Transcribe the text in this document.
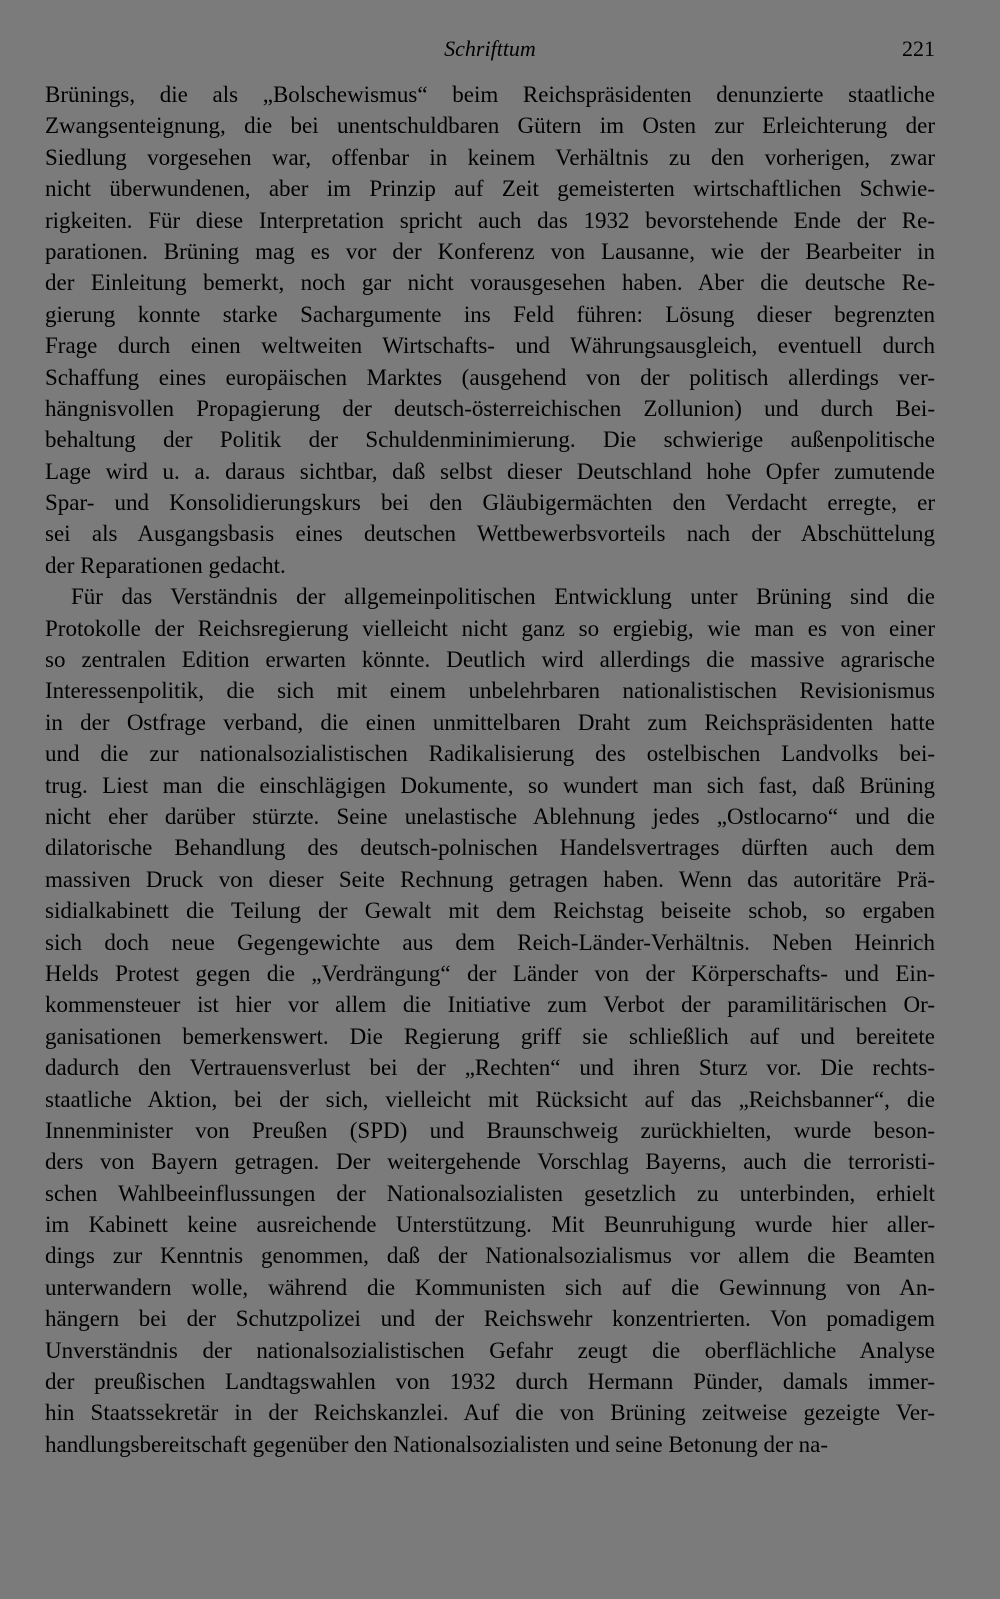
Schrifttum	221
Brünings, die als „Bolschewismus“ beim Reichspräsidenten denunzierte staatliche
Zwangsenteignung, die bei unentschuldbaren Gütern im Osten zur Erleichterung der
Siedlung vorgesehen war, offenbar in keinem Verhältnis zu den vorherigen, zwar
nicht überwundenen, aber im Prinzip auf Zeit gemeisterten wirtschaftlichen Schwie-
rigkeiten. Für diese Interpretation spricht auch das 1932 bevorstehende Ende der Re-
parationen. Brüning mag es vor der Konferenz von Lausanne, wie der Bearbeiter in
der Einleitung bemerkt, noch gar nicht vorausgesehen haben. Aber die deutsche Re-
gierung konnte starke Sachargumente ins Feld führen: Lösung dieser begrenzten
Frage durch einen weltweiten Wirtschafts- und Währungsausgleich, eventuell durch
Schaffung eines europäischen Marktes (ausgehend von der politisch allerdings ver-
hängnisvollen Propagierung der deutsch-österreichischen Zollunion) und durch Bei-
behaltung der Politik der Schuldenminimierung. Die schwierige außenpolitische
Lage wird u. a. daraus sichtbar, daß selbst dieser Deutschland hohe Opfer zumutende
Spar- und Konsolidierungskurs bei den Gläubigermächten den Verdacht erregte, er
sei als Ausgangsbasis eines deutschen Wettbewerbsvorteils nach der Abschüttelung
der Reparationen gedacht.
Für das Verständnis der allgemeinpolitischen Entwicklung unter Brüning sind die
Protokolle der Reichsregierung vielleicht nicht ganz so ergiebig, wie man es von einer
so zentralen Edition erwarten könnte. Deutlich wird allerdings die massive agrarische
Interessenpolitik, die sich mit einem unbelehrbaren nationalistischen Revisionismus
in der Ostfrage verband, die einen unmittelbaren Draht zum Reichspräsidenten hatte
und die zur nationalsozialistischen Radikalisierung des ostelbischen Landvolks bei-
trug. Liest man die einschlägigen Dokumente, so wundert man sich fast, daß Brüning
nicht eher darüber stürzte. Seine unelastische Ablehnung jedes „Ostlocarno“ und die
dilatorische Behandlung des deutsch-polnischen Handelsvertrages dürften auch dem
massiven Druck von dieser Seite Rechnung getragen haben. Wenn das autoritäre Prä-
sidialkabinett die Teilung der Gewalt mit dem Reichstag beiseite schob, so ergaben
sich doch neue Gegengewichte aus dem Reich-Länder-Verhältnis. Neben Heinrich
Helds Protest gegen die „Verdrängung“ der Länder von der Körperschafts- und Ein-
kommensteuer ist hier vor allem die Initiative zum Verbot der paramilitärischen Or-
ganisationen bemerkenswert. Die Regierung griff sie schließlich auf und bereitete
dadurch den Vertrauensverlust bei der „Rechten“ und ihren Sturz vor. Die rechts-
staatliche Aktion, bei der sich, vielleicht mit Rücksicht auf das „Reichsbanner“, die
Innenminister von Preußen (SPD) und Braunschweig zurückhielten, wurde beson-
ders von Bayern getragen. Der weitergehende Vorschlag Bayerns, auch die terroristi-
schen Wahlbeeinflussungen der Nationalsozialisten gesetzlich zu unterbinden, erhielt
im Kabinett keine ausreichende Unterstützung. Mit Beunruhigung wurde hier aller-
dings zur Kenntnis genommen, daß der Nationalsozialismus vor allem die Beamten
unterwandern wolle, während die Kommunisten sich auf die Gewinnung von An-
hängern bei der Schutzpolizei und der Reichswehr konzentrierten. Von pomadigem
Unverständnis der nationalsozialistischen Gefahr zeugt die oberflächliche Analyse
der preußischen Landtagswahlen von 1932 durch Hermann Pünder, damals immer-
hin Staatssekretär in der Reichskanzlei. Auf die von Brüning zeitweise gezeigte Ver-
handlungsbereitschaft gegenüber den Nationalsozialisten und seine Betonung der na-
